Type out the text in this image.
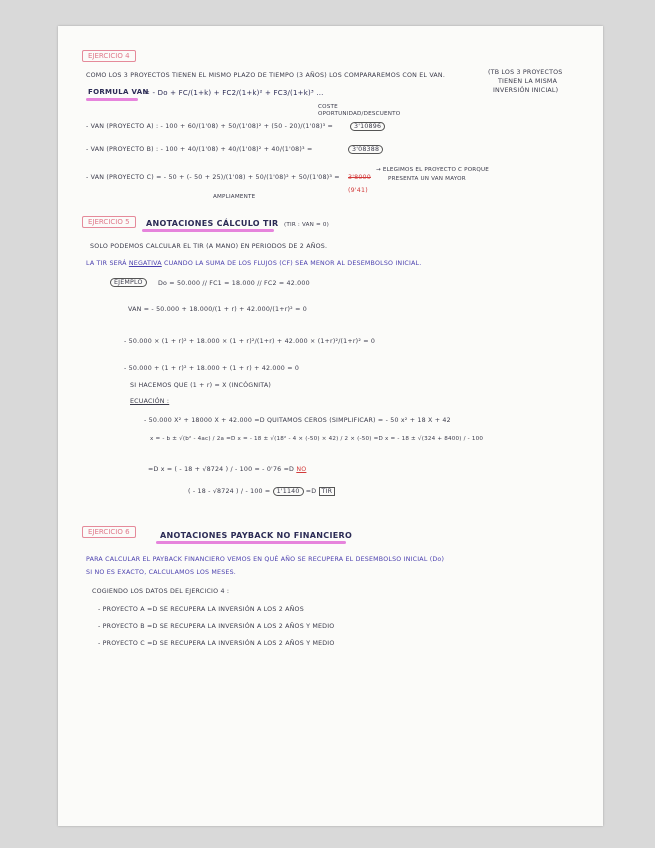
EJERCICIO 4
COMO LOS 3 PROYECTOS TIENEN EL MISMO PLAZO DE TIEMPO (3 AÑOS) LOS COMPARAREMOS CON EL VAN.	(TB LOS 3 PROYECTOS
TIENEN LA MISMA
INVERSIÓN INICIAL)
FORMULA VAN
= - Do + FC/(1+k) + FC2/(1+k)² + FC3/(1+k)³ ...
COSTE
OPORTUNIDAD/DESCUENTO
- VAN (PROYECTO A) : - 100 + 60/(1'08) + 50/(1'08)² + (50 - 20)/(1'08)³ =	3'10896
- VAN (PROYECTO B) : - 100 + 40/(1'08) + 40/(1'08)² + 40/(1'08)³ =	3'08388
- VAN (PROYECTO C) = - 50 + (- 50 + 25)/(1'08) + 50/(1'08)² + 50/(1'08)³ = 3'8000
(9'41)
AMPLIAMENTE
→ ELEGIMOS EL PROYECTO C PORQUE
PRESENTA UN VAN MAYOR
EJERCICIO 5	ANOTACIONES CÁLCULO TIR (TIR : VAN = 0)
SOLO PODEMOS CALCULAR EL TIR (A MANO) EN PERIODOS DE 2 AÑOS.
LA TIR SERÁ NEGATIVA CUANDO LA SUMA DE LOS FLUJOS (CF) SEA MENOR AL DESEMBOLSO INICIAL.
EJEMPLO	Do = 50.000 // FC1 = 18.000 // FC2 = 42.000
VAN = - 50.000 + 18.000/(1 + r) + 42.000/(1+r)² = 0
- 50.000 × (1 + r)² + 18.000 × (1 + r)²/(1+r) + 42.000 × (1+r)²/(1+r)² = 0
- 50.000 + (1 + r)² + 18.000 + (1 + r) + 42.000 = 0
SI HACEMOS QUE (1 + r) = X (INCÓGNITA)
ECUACIÓN :
- 50.000 X² + 18000 X + 42.000 =D QUITAMOS CEROS (SIMPLIFICAR) = - 50 x² + 18 X + 42
x = - b ± √(b² - 4ac) / 2a =D x = - 18 ± √(18² - 4 × (-50) × 42) / 2 × (-50) =D x = - 18 ± √(324 + 8400) / - 100
=D x = ( - 18 + √8724 ) / - 100 = - 0'76 =D NO
( - 18 - √8724 ) / - 100 = 1'1140 =D TIR
EJERCICIO 6	ANOTACIONES PAYBACK NO FINANCIERO
PARA CALCULAR EL PAYBACK FINANCIERO VEMOS EN QUÉ AÑO SE RECUPERA EL DESEMBOLSO INICIAL (Do)
SI NO ES EXACTO, CALCULAMOS LOS MESES.
COGIENDO LOS DATOS DEL EJERCICIO 4 :
- PROYECTO A =D SE RECUPERA LA INVERSIÓN A LOS 2 AÑOS
- PROYECTO B =D SE RECUPERA LA INVERSIÓN A LOS 2 AÑOS Y MEDIO
- PROYECTO C =D SE RECUPERA LA INVERSIÓN A LOS 2 AÑOS Y MEDIO
